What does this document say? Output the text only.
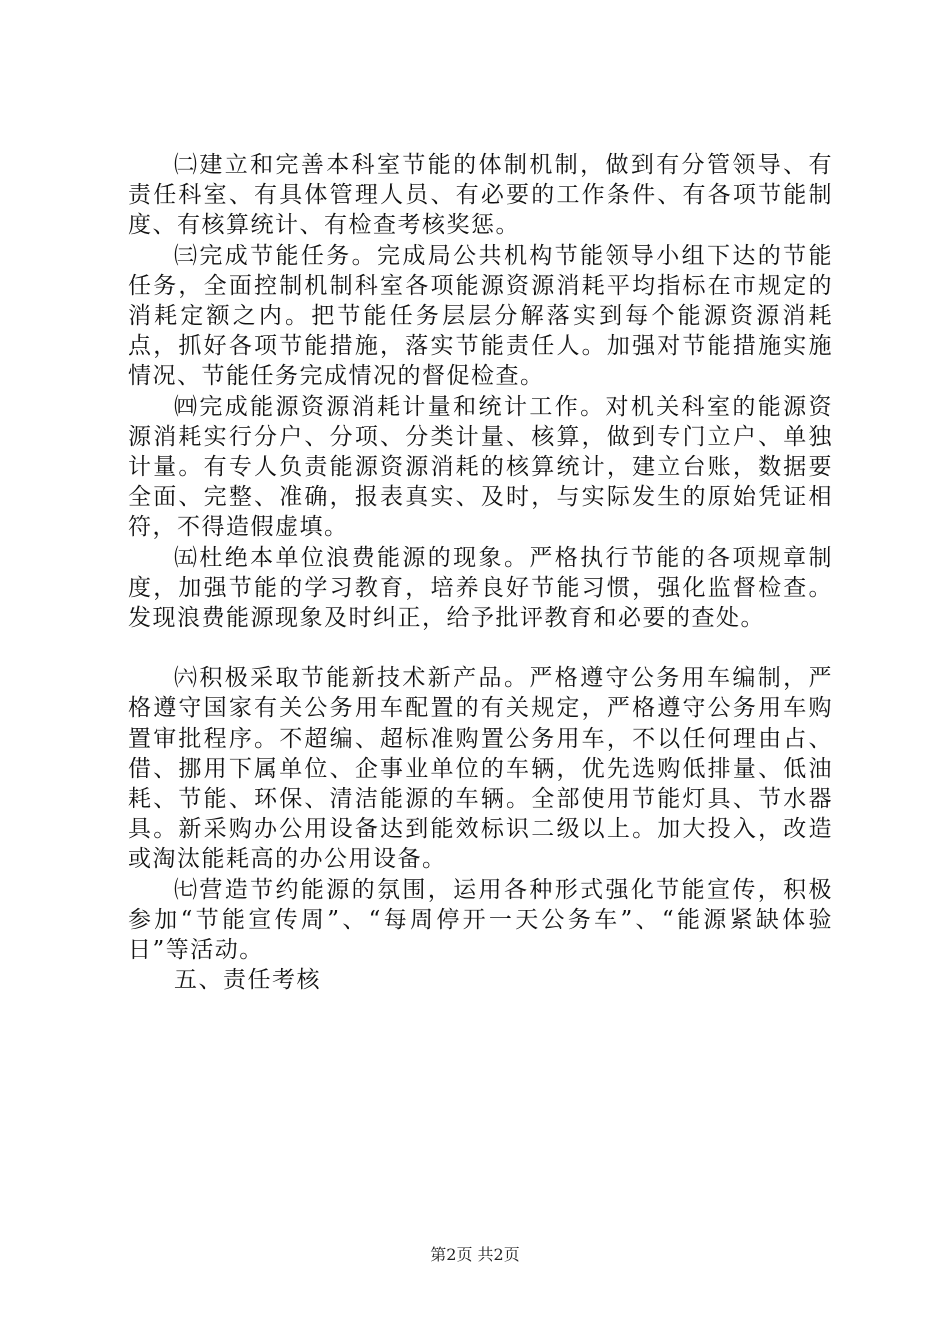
㈡建立和完善本科室节能的体制机制，做到有分管领导、有责任科室、有具体管理人员、有必要的工作条件、有各项节能制度、有核算统计、有检查考核奖惩。

㈢完成节能任务。完成局公共机构节能领导小组下达的节能任务，全面控制机制科室各项能源资源消耗平均指标在市规定的消耗定额之内。把节能任务层层分解落实到每个能源资源消耗点，抓好各项节能措施，落实节能责任人。加强对节能措施实施情况、节能任务完成情况的督促检查。

㈣完成能源资源消耗计量和统计工作。对机关科室的能源资源消耗实行分户、分项、分类计量、核算，做到专门立户、单独计量。有专人负责能源资源消耗的核算统计，建立台账，数据要全面、完整、准确，报表真实、及时，与实际发生的原始凭证相符，不得造假虚填。

㈤杜绝本单位浪费能源的现象。严格执行节能的各项规章制度，加强节能的学习教育，培养良好节能习惯，强化监督检查。发现浪费能源现象及时纠正，给予批评教育和必要的查处。

㈥积极采取节能新技术新产品。严格遵守公务用车编制，严格遵守国家有关公务用车配置的有关规定，严格遵守公务用车购置审批程序。不超编、超标准购置公务用车，不以任何理由占、借、挪用下属单位、企事业单位的车辆，优先选购低排量、低油耗、节能、环保、清洁能源的车辆。全部使用节能灯具、节水器具。新采购办公用设备达到能效标识二级以上。加大投入，改造或淘汰能耗高的办公用设备。

㈦营造节约能源的氛围，运用各种形式强化节能宣传，积极参加“节能宣传周”、“每周停开一天公务车”、“能源紧缺体验日”等活动。

五、责任考核

第2页 共2页
